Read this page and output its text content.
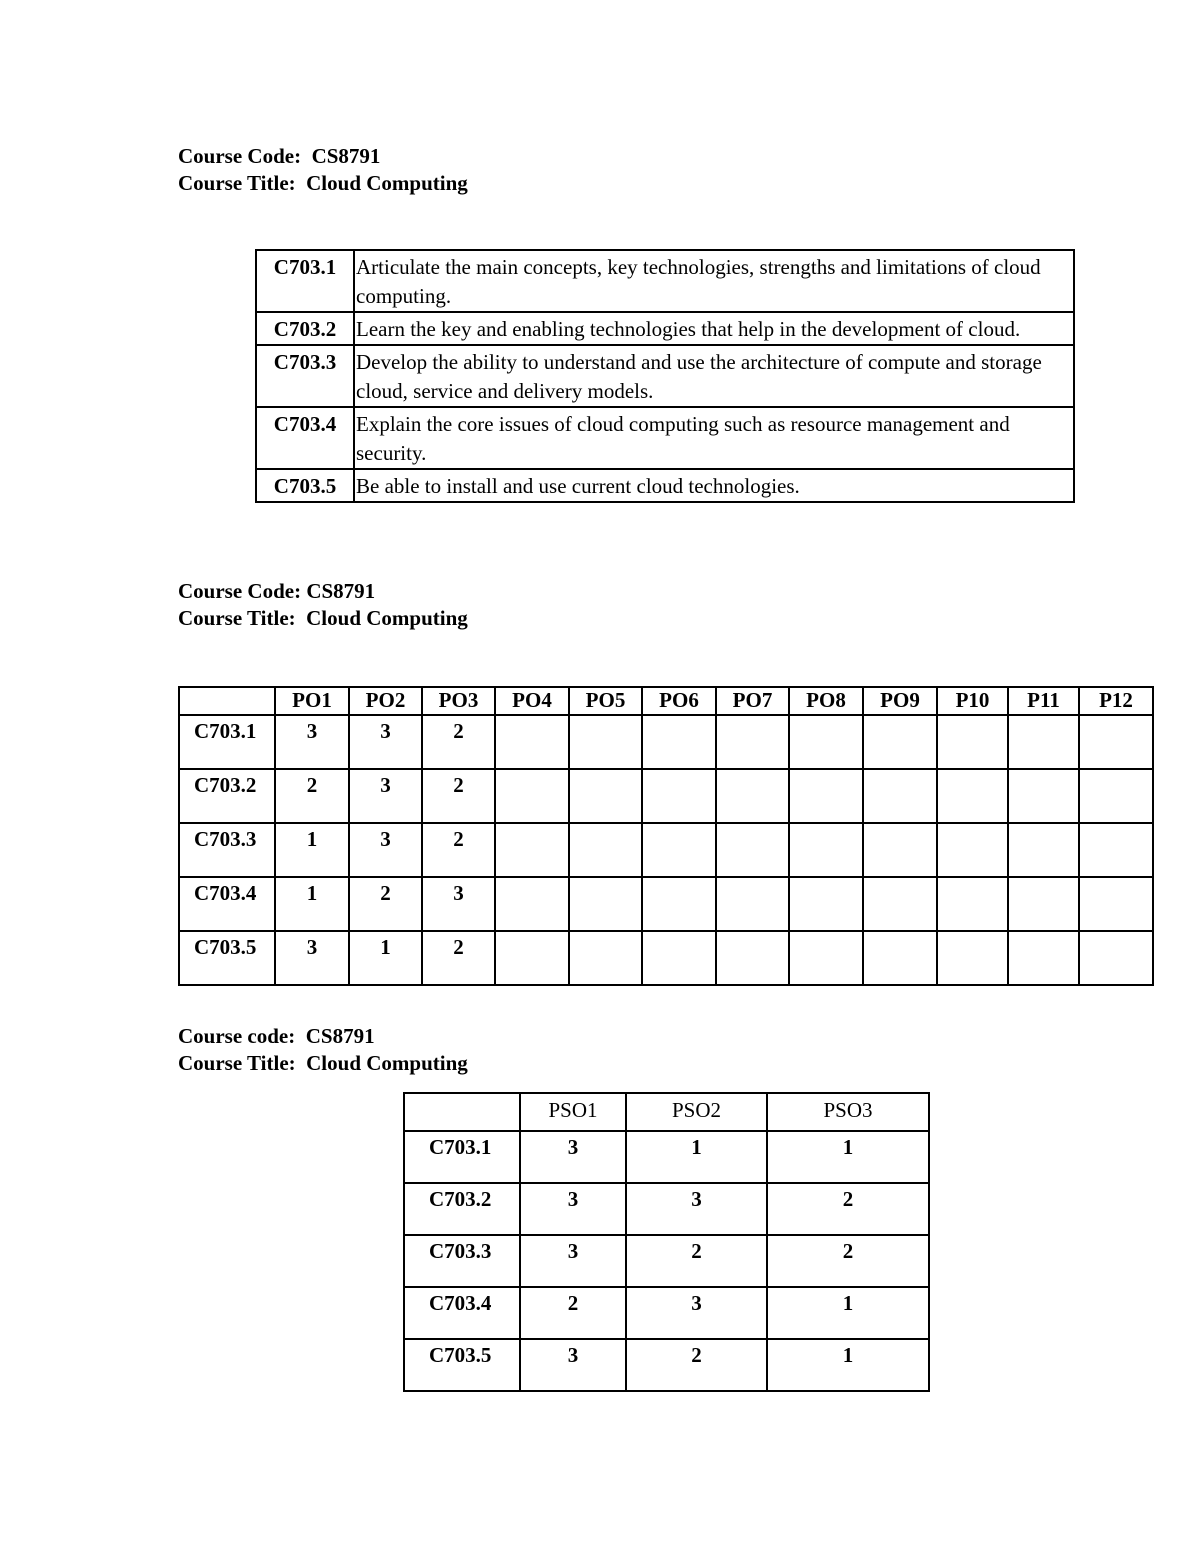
Course Code: CS8791
Course Title: Cloud Computing
C703.1	Articulate the main concepts, key technologies, strengths and limitations of cloud computing.
C703.2	Learn the key and enabling technologies that help in the development of cloud.
C703.3	Develop the ability to understand and use the architecture of compute and storage cloud, service and delivery models.
C703.4	Explain the core issues of cloud computing such as resource management and security.
C703.5	Be able to install and use current cloud technologies.
Course Code: CS8791
Course Title: Cloud Computing
	PO1	PO2	PO3	PO4	PO5	PO6	PO7	PO8	PO9	P10	P11	P12
C703.1	3	3	2									
C703.2	2	3	2									
C703.3	1	3	2									
C703.4	1	2	3									
C703.5	3	1	2									
Course code: CS8791
Course Title: Cloud Computing
	PSO1	PSO2	PSO3
C703.1	3	1	1
C703.2	3	3	2
C703.3	3	2	2
C703.4	2	3	1
C703.5	3	2	1
